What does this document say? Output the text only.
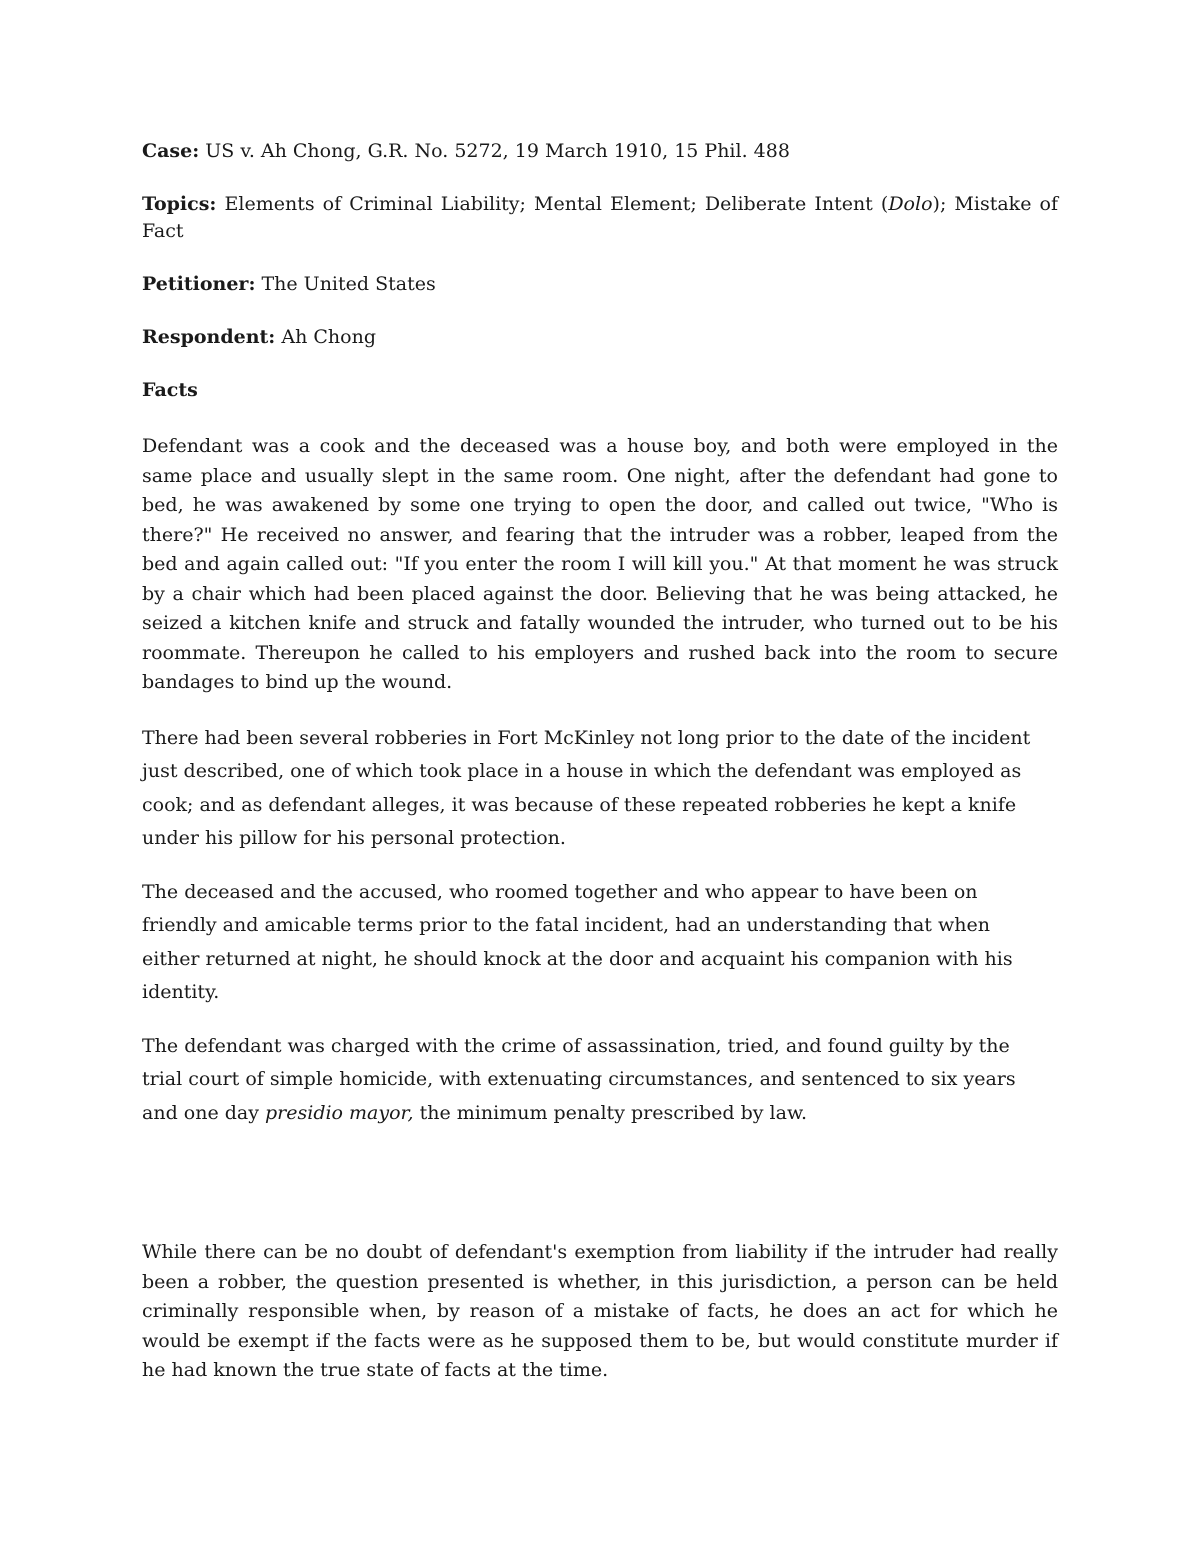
Case: US v. Ah Chong, G.R. No. 5272, 19 March 1910, 15 Phil. 488

Topics: Elements of Criminal Liability; Mental Element; Deliberate Intent (Dolo); Mistake of Fact

Petitioner: The United States

Respondent: Ah Chong

Facts

Defendant was a cook and the deceased was a house boy, and both were employed in the same place and usually slept in the same room. One night, after the defendant had gone to bed, he was awakened by some one trying to open the door, and called out twice, "Who is there?" He received no answer, and fearing that the intruder was a robber, leaped from the bed and again called out: "If you enter the room I will kill you." At that moment he was struck by a chair which had been placed against the door. Believing that he was being attacked, he seized a kitchen knife and struck and fatally wounded the intruder, who turned out to be his roommate. Thereupon he called to his employers and rushed back into the room to secure bandages to bind up the wound.

There had been several robberies in Fort McKinley not long prior to the date of the incident just described, one of which took place in a house in which the defendant was employed as cook; and as defendant alleges, it was because of these repeated robberies he kept a knife under his pillow for his personal protection.

The deceased and the accused, who roomed together and who appear to have been on friendly and amicable terms prior to the fatal incident, had an understanding that when either returned at night, he should knock at the door and acquaint his companion with his identity.

The defendant was charged with the crime of assassination, tried, and found guilty by the trial court of simple homicide, with extenuating circumstances, and sentenced to six years and one day presidio mayor, the minimum penalty prescribed by law.

While there can be no doubt of defendant's exemption from liability if the intruder had really been a robber, the question presented is whether, in this jurisdiction, a person can be held criminally responsible when, by reason of a mistake of facts, he does an act for which he would be exempt if the facts were as he supposed them to be, but would constitute murder if he had known the true state of facts at the time.
